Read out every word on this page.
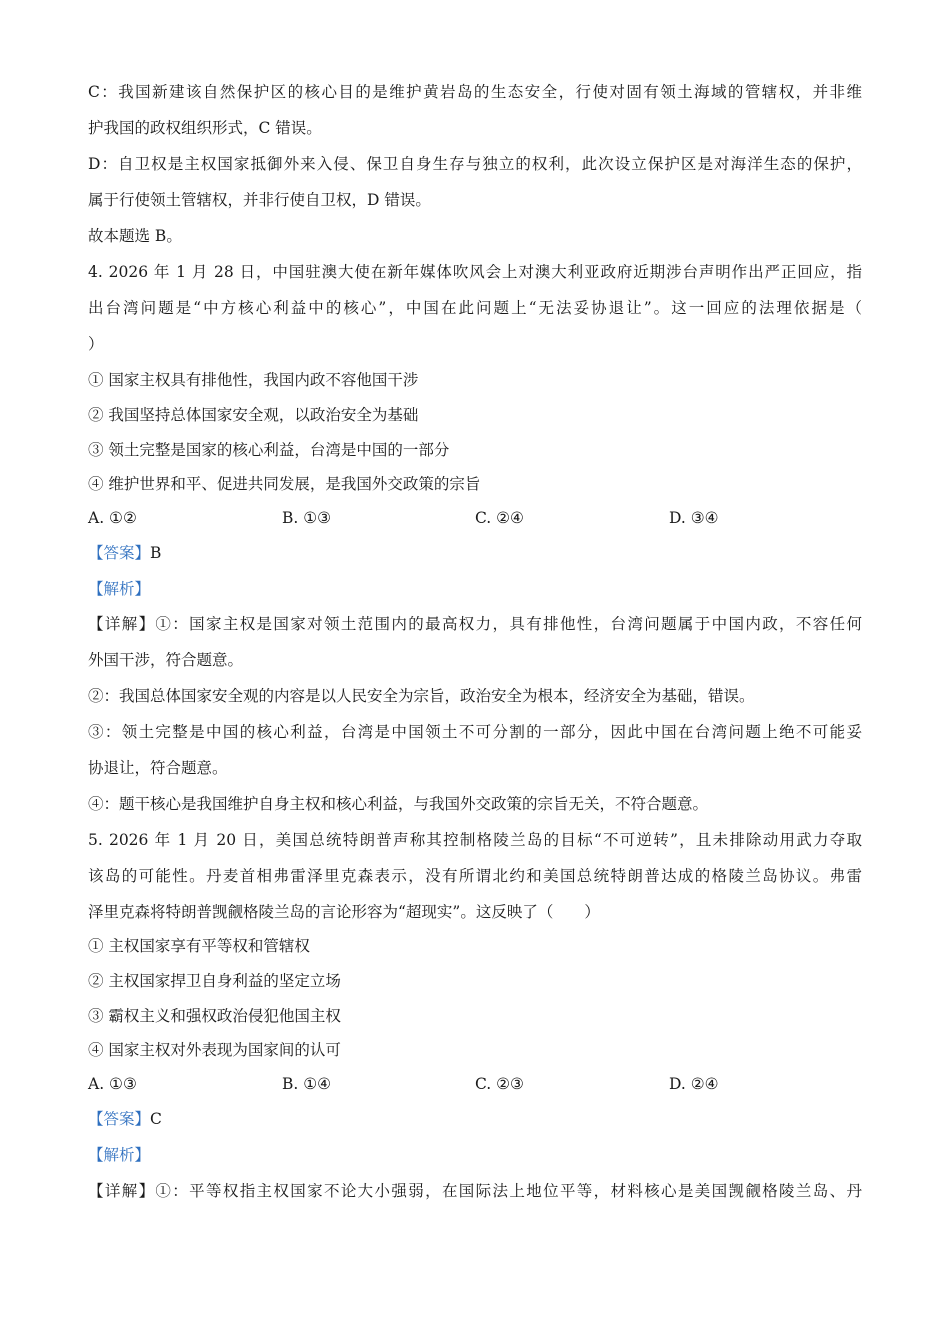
C：我国新建该自然保护区的核心目的是维护黄岩岛的生态安全，行使对固有领土海域的管辖权，并非维
护我国的政权组织形式，C 错误。
D：自卫权是主权国家抵御外来入侵、保卫自身生存与独立的权利，此次设立保护区是对海洋生态的保护，
属于行使领土管辖权，并非行使自卫权，D 错误。
故本题选 B。
4. 2026 年 1 月 28 日，中国驻澳大使在新年媒体吹风会上对澳大利亚政府近期涉台声明作出严正回应，指
出台湾问题是“中方核心利益中的核心”，中国在此问题上“无法妥协退让”。这一回应的法理依据是（
）
① 国家主权具有排他性，我国内政不容他国干涉
② 我国坚持总体国家安全观，以政治安全为基础
③ 领土完整是国家的核心利益，台湾是中国的一部分
④ 维护世界和平、促进共同发展，是我国外交政策的宗旨
A. ①②	B. ①③	C. ②④	D. ③④
【答案】B
【解析】
【详解】①：国家主权是国家对领土范围内的最高权力，具有排他性，台湾问题属于中国内政，不容任何
外国干涉，符合题意。
②：我国总体国家安全观的内容是以人民安全为宗旨，政治安全为根本，经济安全为基础，错误。
③：领土完整是中国的核心利益，台湾是中国领土不可分割的一部分，因此中国在台湾问题上绝不可能妥
协退让，符合题意。
④：题干核心是我国维护自身主权和核心利益，与我国外交政策的宗旨无关，不符合题意。
5. 2026 年 1 月 20 日，美国总统特朗普声称其控制格陵兰岛的目标“不可逆转”，且未排除动用武力夺取
该岛的可能性。丹麦首相弗雷泽里克森表示，没有所谓北约和美国总统特朗普达成的格陵兰岛协议。弗雷
泽里克森将特朗普觊觎格陵兰岛的言论形容为“超现实”。这反映了（　　）
① 主权国家享有平等权和管辖权
② 主权国家捍卫自身利益的坚定立场
③ 霸权主义和强权政治侵犯他国主权
④ 国家主权对外表现为国家间的认可
A. ①③	B. ①④	C. ②③	D. ②④
【答案】C
【解析】
【详解】①：平等权指主权国家不论大小强弱，在国际法上地位平等，材料核心是美国觊觎格陵兰岛、丹
